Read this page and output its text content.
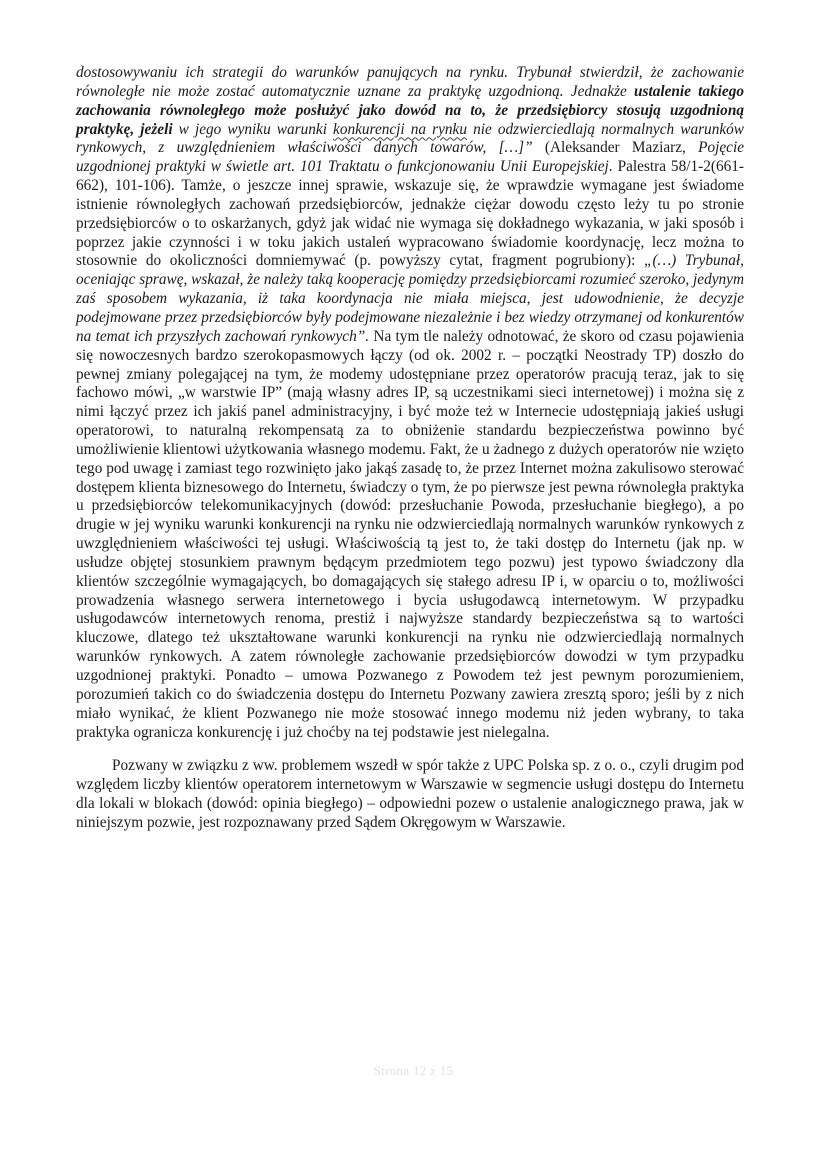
dostosowywaniu ich strategii do warunków panujących na rynku. Trybunał stwierdził, że zachowanie równoległe nie może zostać automatycznie uznane za praktykę uzgodnioną. Jednakże ustalenie takiego zachowania równoległego może posłużyć jako dowód na to, że przedsiębiorcy stosują uzgodnioną praktykę, jeżeli w jego wyniku warunki konkurencji na rynku nie odzwierciedlają normalnych warunków rynkowych, z uwzględnieniem właściwości danych towarów, […]” (Aleksander Maziarz, Pojęcie uzgodnionej praktyki w świetle art. 101 Traktatu o funkcjonowaniu Unii Europejskiej. Palestra 58/1-2(661-662), 101-106). Tamże, o jeszcze innej sprawie, wskazuje się, że wprawdzie wymagane jest świadome istnienie równoległych zachowań przedsiębiorców, jednakże ciężar dowodu często leży tu po stronie przedsiębiorców o to oskarżanych, gdyż jak widać nie wymaga się dokładnego wykazania, w jaki sposób i poprzez jakie czynności i w toku jakich ustaleń wypracowano świadomie koordynację, lecz można to stosownie do okoliczności domniemywać (p. powyższy cytat, fragment pogrubiony): „(…) Trybunał, oceniając sprawę, wskazał, że należy taką kooperację pomiędzy przedsiębiorcami rozumieć szeroko, jedynym zaś sposobem wykazania, iż taka koordynacja nie miała miejsca, jest udowodnienie, że decyzje podejmowane przez przedsiębiorców były podejmowane niezależnie i bez wiedzy otrzymanej od konkurentów na temat ich przyszłych zachowań rynkowych”. Na tym tle należy odnotować, że skoro od czasu pojawienia się nowoczesnych bardzo szerokopasmowych łączy (od ok. 2002 r. – początki Neostrady TP) doszło do pewnej zmiany polegającej na tym, że modemy udostępniane przez operatorów pracują teraz, jak to się fachowo mówi, „w warstwie IP” (mają własny adres IP, są uczestnikami sieci internetowej) i można się z nimi łączyć przez ich jakiś panel administracyjny, i być może też w Internecie udostępniają jakieś usługi operatorowi, to naturalną rekompensatą za to obniżenie standardu bezpieczeństwa powinno być umożliwienie klientowi użytkowania własnego modemu. Fakt, że u żadnego z dużych operatorów nie wzięto tego pod uwagę i zamiast tego rozwinięto jako jakąś zasadę to, że przez Internet można zakulisowo sterować dostępem klienta biznesowego do Internetu, świadczy o tym, że po pierwsze jest pewna równoległa praktyka u przedsiębiorców telekomunikacyjnych (dowód: przesłuchanie Powoda, przesłuchanie biegłego), a po drugie w jej wyniku warunki konkurencji na rynku nie odzwierciedlają normalnych warunków rynkowych z uwzględnieniem właściwości tej usługi. Właściwością tą jest to, że taki dostęp do Internetu (jak np. w usłudze objętej stosunkiem prawnym będącym przedmiotem tego pozwu) jest typowo świadczony dla klientów szczególnie wymagających, bo domagających się stałego adresu IP i, w oparciu o to, możliwości prowadzenia własnego serwera internetowego i bycia usługodawcą internetowym. W przypadku usługodawców internetowych renoma, prestiż i najwyższe standardy bezpieczeństwa są to wartości kluczowe, dlatego też ukształtowane warunki konkurencji na rynku nie odzwierciedlają normalnych warunków rynkowych. A zatem równoległe zachowanie przedsiębiorców dowodzi w tym przypadku uzgodnionej praktyki. Ponadto – umowa Pozwanego z Powodem też jest pewnym porozumieniem, porozumień takich co do świadczenia dostępu do Internetu Pozwany zawiera zresztą sporo; jeśli by z nich miało wynikać, że klient Pozwanego nie może stosować innego modemu niż jeden wybrany, to taka praktyka ogranicza konkurencję i już choćby na tej podstawie jest nielegalna.

Pozwany w związku z ww. problemem wszedł w spór także z UPC Polska sp. z o. o., czyli drugim pod względem liczby klientów operatorem internetowym w Warszawie w segmencie usługi dostępu do Internetu dla lokali w blokach (dowód: opinia biegłego) – odpowiedni pozew o ustalenie analogicznego prawa, jak w niniejszym pozwie, jest rozpoznawany przed Sądem Okręgowym w Warszawie.

Strona 12 z 15
